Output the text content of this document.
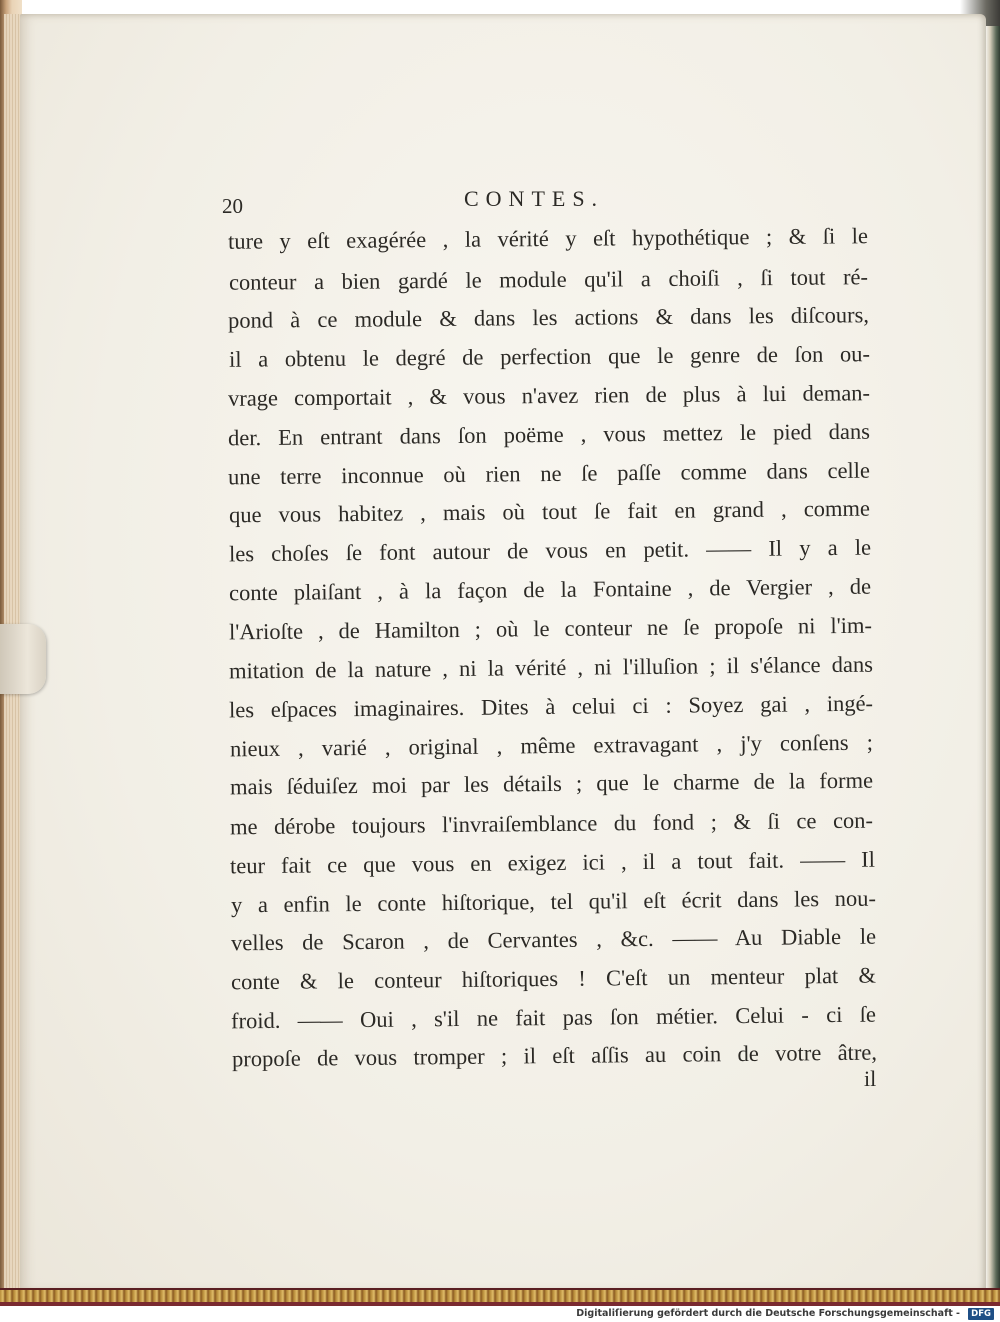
20	CONTES.
ture y eſt exagérée , la vérité y eſt hypothétique ; & ſi le
conteur a bien gardé le module qu'il a choiſi , ſi tout ré-
pond à ce module & dans les actions & dans les diſcours,
il a obtenu le degré de perfection que le genre de ſon ou-
vrage comportait , & vous n'avez rien de plus à lui deman-
der. En entrant dans ſon poëme , vous mettez le pied dans
une terre inconnue où rien ne ſe paſſe comme dans celle
que vous habitez , mais où tout ſe fait en grand , comme
les choſes ſe font autour de vous en petit. —— Il y a le
conte plaiſant , à la façon de la Fontaine , de Vergier , de
l'Arioſte , de Hamilton ; où le conteur ne ſe propoſe ni l'im-
mitation de la nature , ni la vérité , ni l'illuſion ; il s'élance dans
les eſpaces imaginaires. Dites à celui ci : Soyez gai , ingé-
nieux , varié , original , même extravagant , j'y conſens ;
mais ſéduiſez moi par les détails ; que le charme de la forme
me dérobe toujours l'invraiſemblance du fond ; & ſi ce con-
teur fait ce que vous en exigez ici , il a tout fait. —— Il
y a enfin le conte hiſtorique, tel qu'il eſt écrit dans les nou-
velles de Scaron , de Cervantes , &c. —— Au Diable le
conte & le conteur hiſtoriques ! C'eſt un menteur plat &
froid. —— Oui , s'il ne fait pas ſon métier. Celui - ci ſe
propoſe de vous tromper ; il eſt aſſis au coin de votre âtre,
il
Digitaliſierung gefördert durch die Deutsche Forschungsgemeinschaft -	DFG
